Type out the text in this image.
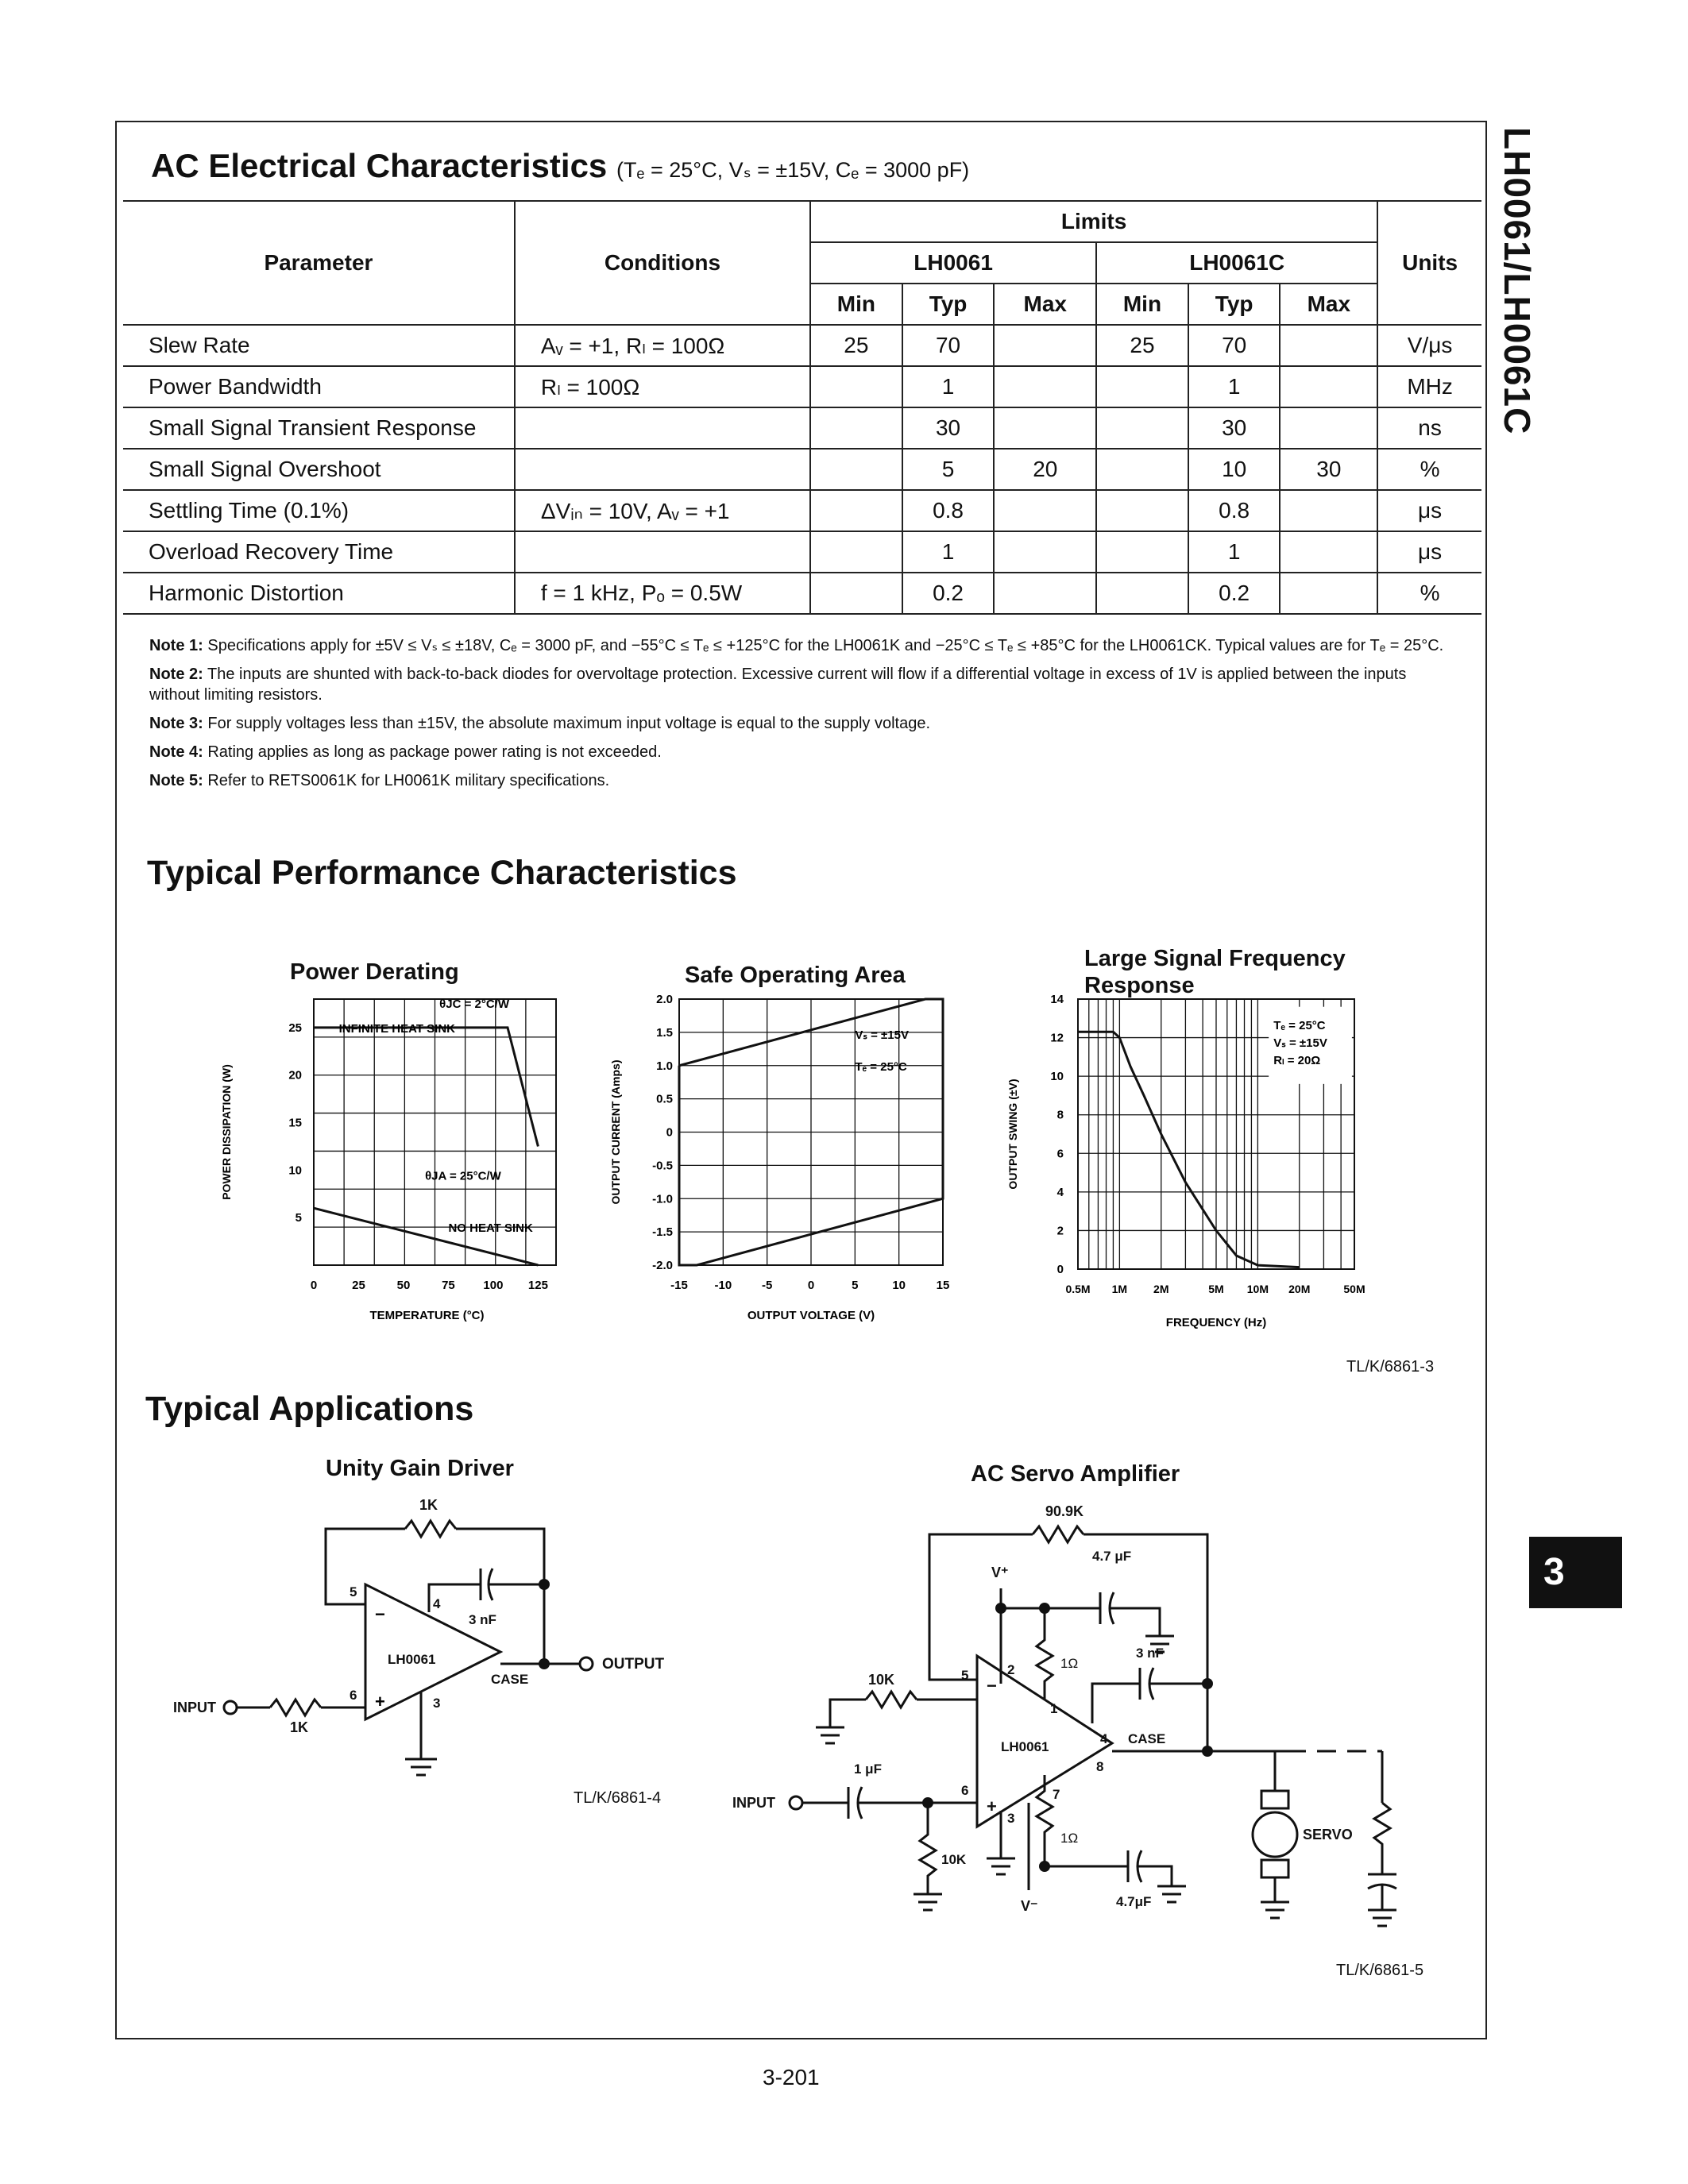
LH0061/LH0061C
3
AC Electrical Characteristics (Tₑ = 25°C, Vₛ = ±15V, Cₑ = 3000 pF)
Parameter	Conditions	Limits						Units
		LH0061			LH0061C			
		Min	Typ	Max	Min	Typ	Max	
Slew Rate	Aᵥ = +1, Rₗ = 100Ω	25	70		25	70		V/μs
Power Bandwidth	Rₗ = 100Ω		1			1		MHz
Small Signal Transient Response			30			30		ns
Small Signal Overshoot			5	20		10	30	%
Settling Time (0.1%)	ΔVᵢₙ = 10V, Aᵥ = +1		0.8			0.8		μs
Overload Recovery Time			1			1		μs
Harmonic Distortion	f = 1 kHz, Pₒ = 0.5W		0.2			0.2		%

Note 1: Specifications apply for ±5V ≤ Vₛ ≤ ±18V, Cₑ = 3000 pF, and −55°C ≤ Tₑ ≤ +125°C for the LH0061K and −25°C ≤ Tₑ ≤ +85°C for the LH0061CK. Typical values are for Tₑ = 25°C.

Note 2: The inputs are shunted with back-to-back diodes for overvoltage protection. Excessive current will flow if a differential voltage in excess of 1V is applied between the inputs without limiting resistors.

Note 3: For supply voltages less than ±15V, the absolute maximum input voltage is equal to the supply voltage.

Note 4: Rating applies as long as package power rating is not exceeded.

Note 5: Refer to RETS0061K for LH0061K military specifications.

Typical Performance Characteristics
Power Derating	Safe Operating Area
Large Signal Frequency Response
INFINITE HEAT SINK
θJC = 2°C/W
θJA = 25°C/W
NO HEAT SINK
0	25	50	75 100 125
5
10
15
20
25
TEMPERATURE (°C)
POWER DISSIPATION (W)
Vₛ = ±15V
Tₑ = 25°C
-15 -10	-5	0	5	10	15
2.0
1.5
1.0
0.5
0
-0.5
-1.0
-1.5
-2.0
OUTPUT VOLTAGE (V)
OUTPUT CURRENT (Amps)
Tₑ = 25°C
Vₛ = ±15V
Rₗ = 20Ω
0.5M 1M 2M	5M 10M 20M	50M
0
2
4
6
8
10
12
14
FREQUENCY (Hz)
OUTPUT SWING (±V)
TL/K/6861-3
Typical Applications
Unity Gain Driver	AC Servo Amplifier
−
+
1K
3 nF
LH0061
CASE
OUTPUT
INPUT
1K
5
4
6
3
TL/K/6861-4
−
+
90.9K
4.7 μF
V⁺
1Ω
3 nF
10K
1 μF
10K
LH0061
1Ω
4.7μF
V⁻
INPUT
CASE
SERVO
5	2
1
4
8
6	7
3
TL/K/6861-5
3-201
